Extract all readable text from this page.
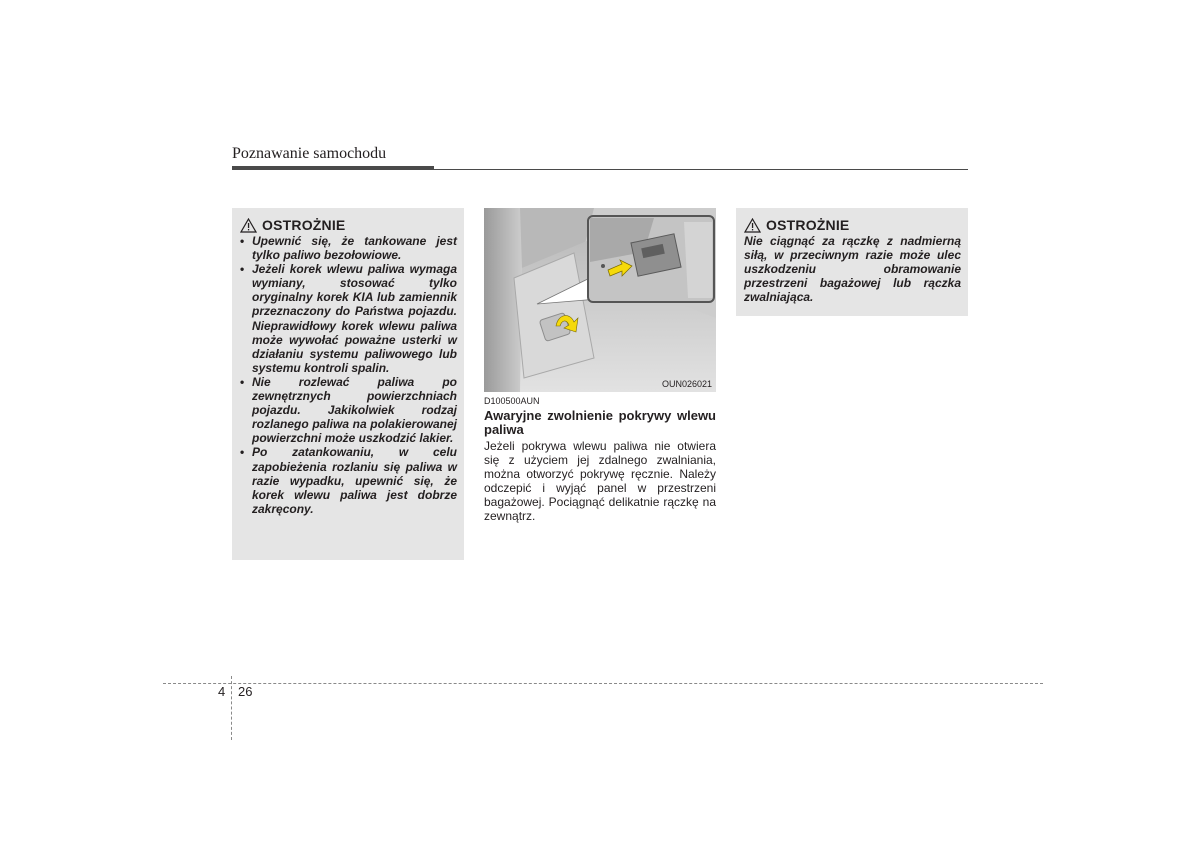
Poznawanie samochodu
OSTROŻNIE
• Upewnić się, że tankowane jest tylko paliwo bezołowiowe.
• Jeżeli korek wlewu paliwa wymaga wymiany, stosować tylko oryginalny korek KIA lub zamiennik przeznaczony do Państwa pojazdu. Nieprawidłowy korek wlewu paliwa może wywołać poważne usterki w działaniu systemu paliwowego lub systemu kontroli spalin.
• Nie rozlewać paliwa po zewnętrznych powierzchniach pojazdu. Jakikolwiek rodzaj rozlanego paliwa na polakierowanej powierzchni może uszkodzić lakier.
• Po zatankowaniu, w celu zapobieżenia rozlaniu się paliwa w razie wypadku, upewnić się, że korek wlewu paliwa jest dobrze zakręcony.
OUN026021

D100500AUN

Awaryjne zwolnienie pokrywy wlewu paliwa

Jeżeli pokrywa wlewu paliwa nie otwiera się z użyciem jej zdalnego zwalniania, można otworzyć pokrywę ręcznie. Należy odczepić i wyjąć panel w przestrzeni bagażowej. Pociągnąć delikatnie rączkę na zewnątrz.

OSTROŻNIE

Nie ciągnąć za rączkę z nadmierną siłą, w przeciwnym razie może ulec uszkodzeniu obramowanie przestrzeni bagażowej lub rączka zwalniająca.

4 26
